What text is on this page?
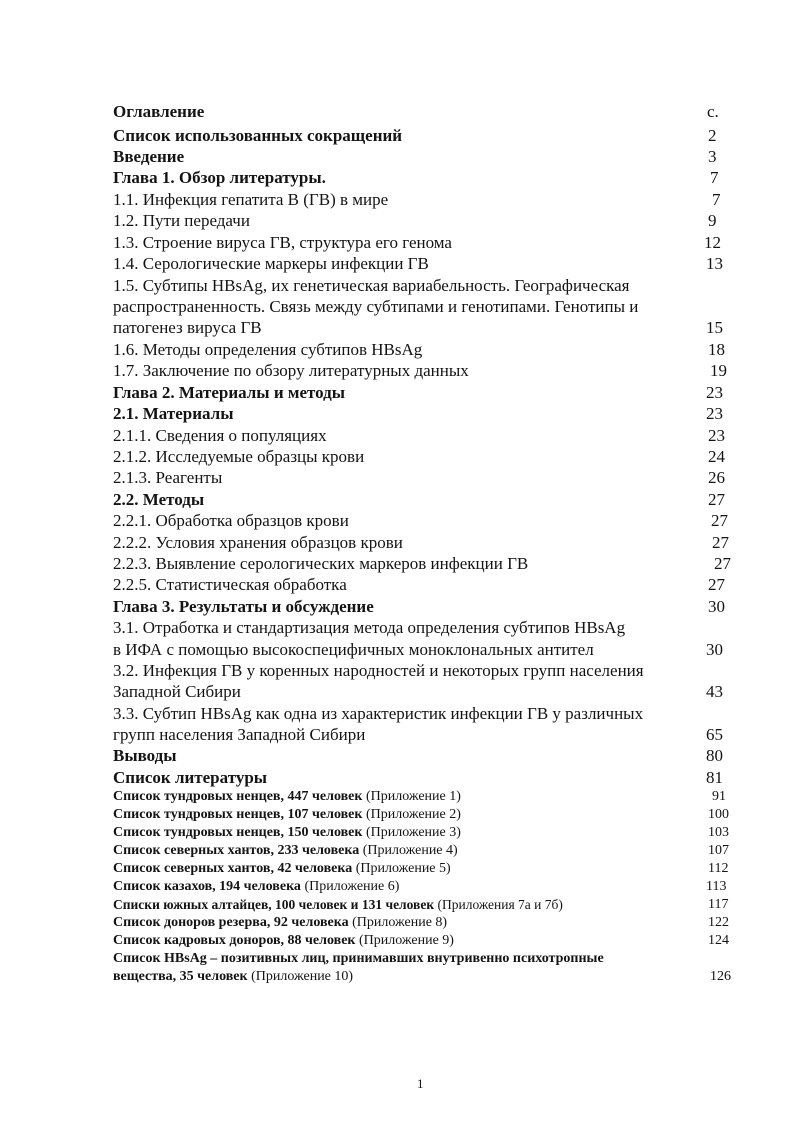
Оглавление	с.
Список использованных сокращений	2
Введение	3
Глава 1. Обзор литературы.	7
1.1. Инфекция гепатита В (ГВ) в мире	7
1.2. Пути передачи	9
1.3. Строение вируса ГВ, структура его генома	12
1.4. Серологические маркеры инфекции ГВ	13
1.5. Субтипы HBsAg, их генетическая вариабельность. Географическая
распространенность. Связь между субтипами и генотипами. Генотипы и
патогенез вируса ГВ	15
1.6. Методы определения субтипов HBsAg	18
1.7. Заключение по обзору литературных данных	19
Глава 2. Материалы и методы	23
2.1. Материалы	23
2.1.1. Сведения о популяциях	23
2.1.2. Исследуемые образцы крови	24
2.1.3. Реагенты	26
2.2. Методы	27
2.2.1. Обработка образцов крови	27
2.2.2. Условия хранения образцов крови	27
2.2.3. Выявление серологических маркеров инфекции ГВ	27
2.2.5. Статистическая обработка	27
Глава 3. Результаты и обсуждение	30
3.1. Отработка и стандартизация метода определения субтипов HBsAg
в ИФА с помощью высокоспецифичных моноклональных антител	30
3.2. Инфекция ГВ у коренных народностей и некоторых групп населения
Западной Сибири	43
3.3. Субтип HBsAg как одна из характеристик инфекции ГВ у различных
групп населения Западной Сибири	65
Выводы	80
Список литературы	81
Список тундровых ненцев, 447 человек (Приложение 1)	91
Список тундровых ненцев, 107 человек (Приложение 2)	100
Список тундровых ненцев, 150 человек (Приложение 3)	103
Список северных хантов, 233 человека (Приложение 4)	107
Список северных хантов, 42 человека (Приложение 5)	112
Список казахов, 194 человека (Приложение 6)	113
Списки южных алтайцев, 100 человек и 131 человек (Приложения 7а и 7б)	117
Список доноров резерва, 92 человека (Приложение 8)	122
Список кадровых доноров, 88 человек (Приложение 9)	124
Список HBsAg – позитивных лиц, принимавших внутривенно психотропные
вещества, 35 человек (Приложение 10)	126
1
